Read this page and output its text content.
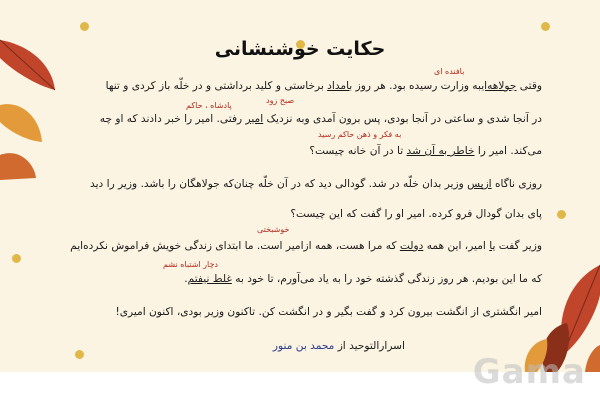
حکایت خوشنشانی
بافنده ای
صبح زود
پادشاه ، حاکم
به فکر و ذهن حاکم رسید
خوشبختی
دچار اشتباه نشم
وقتی جولاهه‌ایبه وزارت رسیده بود. هر روز بامداد برخاستی و کلید برداشتی و در خلّه باز کردی و تنها
در آنجا شدی و ساعتی در آنجا بودی، پس برون آمدی وبه نزدیک امیر رفتی. امیر را خبر دادند که او چه
می‌کند. امیر را خاطر به آن شد تا در آن خانه چیست؟
روزی ناگاه ازپس وزیر بدان خلّه در شد. گودالی دید که در آن خلّه چنان‌که جولاهگان را باشد. وزیر را دید
پای بدان گودال فرو کرده. امیر او را گفت که این چیست؟
وزیر گفت یا امیر، این همه دولت که مرا هست، همه ازامیر است. ما ابتدای زندگی خویش فراموش نکرده‌ایم
که ما این بودیم. هر روز زندگی گذشته خود را به یاد می‌آورم، تا خود به غلط نیفتم.
امیر انگشتری از انگشت بیرون کرد و گفت بگیر و در انگشت کن. تاکنون وزیر بودی، اکنون امیری!
اسرارالتوحید از محمد بن منور
Gama
